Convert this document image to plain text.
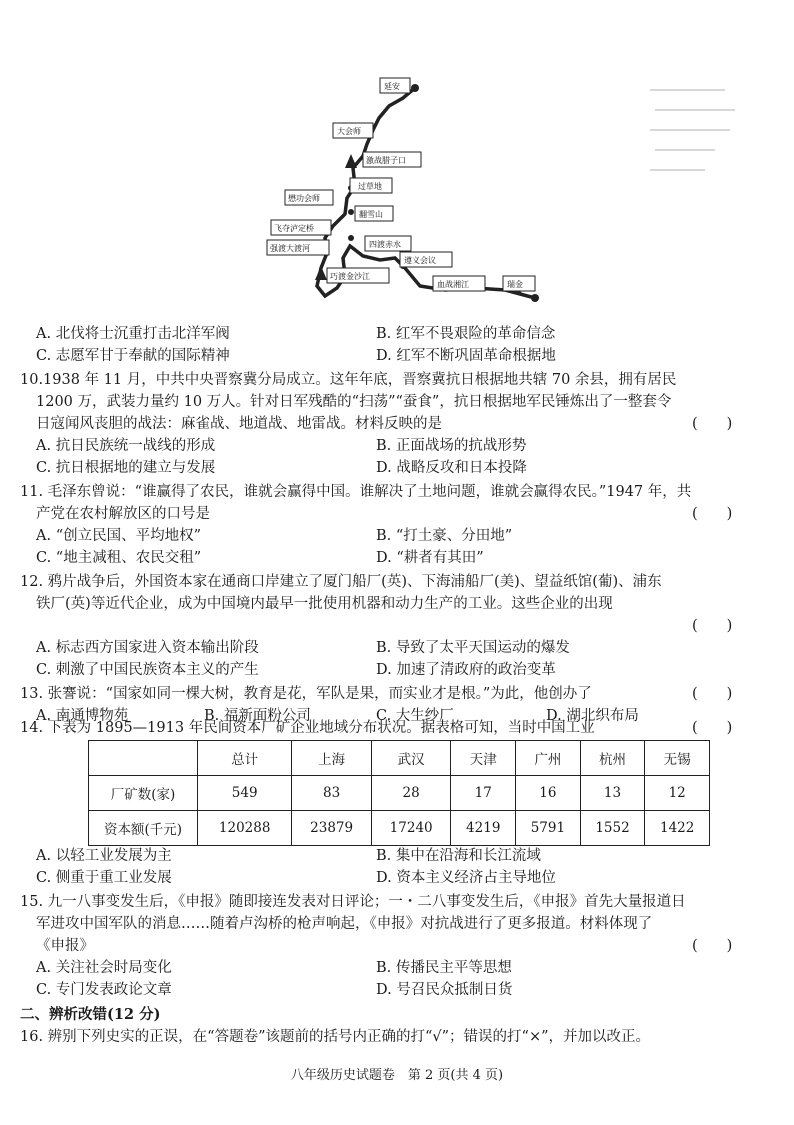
延安
大会师
激战腊子口
过草地
懋功会师
翻雪山
飞夺泸定桥
强渡大渡河	四渡赤水
遵义会议
巧渡金沙江
血战湘江	瑞金
A. 北伐将士沉重打击北洋军阀	B. 红军不畏艰险的革命信念
C. 志愿军甘于奉献的国际精神	D. 红军不断巩固革命根据地
10.1938 年 11 月，中共中央晋察冀分局成立。这年年底，晋察冀抗日根据地共辖 70 余县，拥有居民
1200 万，武装力量约 10 万人。针对日军残酷的“扫荡”“蚕食”，抗日根据地军民锤炼出了一整套令
日寇闻风丧胆的战法：麻雀战、地道战、地雷战。材料反映的是	(　　)
A. 抗日民族统一战线的形成	B. 正面战场的抗战形势
C. 抗日根据地的建立与发展	D. 战略反攻和日本投降
11. 毛泽东曾说：“谁赢得了农民，谁就会赢得中国。谁解决了土地问题，谁就会赢得农民。”1947 年，共
产党在农村解放区的口号是	(　　)
A. “创立民国、平均地权”	B. “打土豪、分田地”
C. “地主减租、农民交租”	D. “耕者有其田”
12. 鸦片战争后，外国资本家在通商口岸建立了厦门船厂(英)、下海浦船厂(美)、望益纸馆(葡)、浦东
铁厂(英)等近代企业，成为中国境内最早一批使用机器和动力生产的工业。这些企业的出现
(　　)
A. 标志西方国家进入资本输出阶段	B. 导致了太平天国运动的爆发
C. 刺激了中国民族资本主义的产生	D. 加速了清政府的政治变革
13. 张謇说：“国家如同一棵大树，教育是花，军队是果，而实业才是根。”为此，他创办了	(　　)
A. 南通博物苑	B. 福新面粉公司	C. 大生纱厂	D. 湖北织布局
14. 下表为 1895—1913 年民间资本厂矿企业地域分布状况。据表格可知，当时中国工业	(　　)
	总计	上海	武汉	天津	广州	杭州	无锡
厂矿数(家)	549	83	28	17	16	13	12
资本额(千元)	120288	23879	17240	4219	5791	1552	1422
A. 以轻工业发展为主	B. 集中在沿海和长江流域
C. 侧重于重工业发展	D. 资本主义经济占主导地位
15. 九一八事变发生后，《申报》随即接连发表对日评论；一・二八事变发生后，《申报》首先大量报道日
军进攻中国军队的消息……随着卢沟桥的枪声响起，《申报》对抗战进行了更多报道。材料体现了
《申报》	(　　)
A. 关注社会时局变化	B. 传播民主平等思想
C. 专门发表政论文章	D. 号召民众抵制日货
二、辨析改错(12 分)
16. 辨别下列史实的正误，在“答题卷”该题前的括号内正确的打“√”；错误的打“×”，并加以改正。
八年级历史试题卷　第 2 页(共 4 页)
